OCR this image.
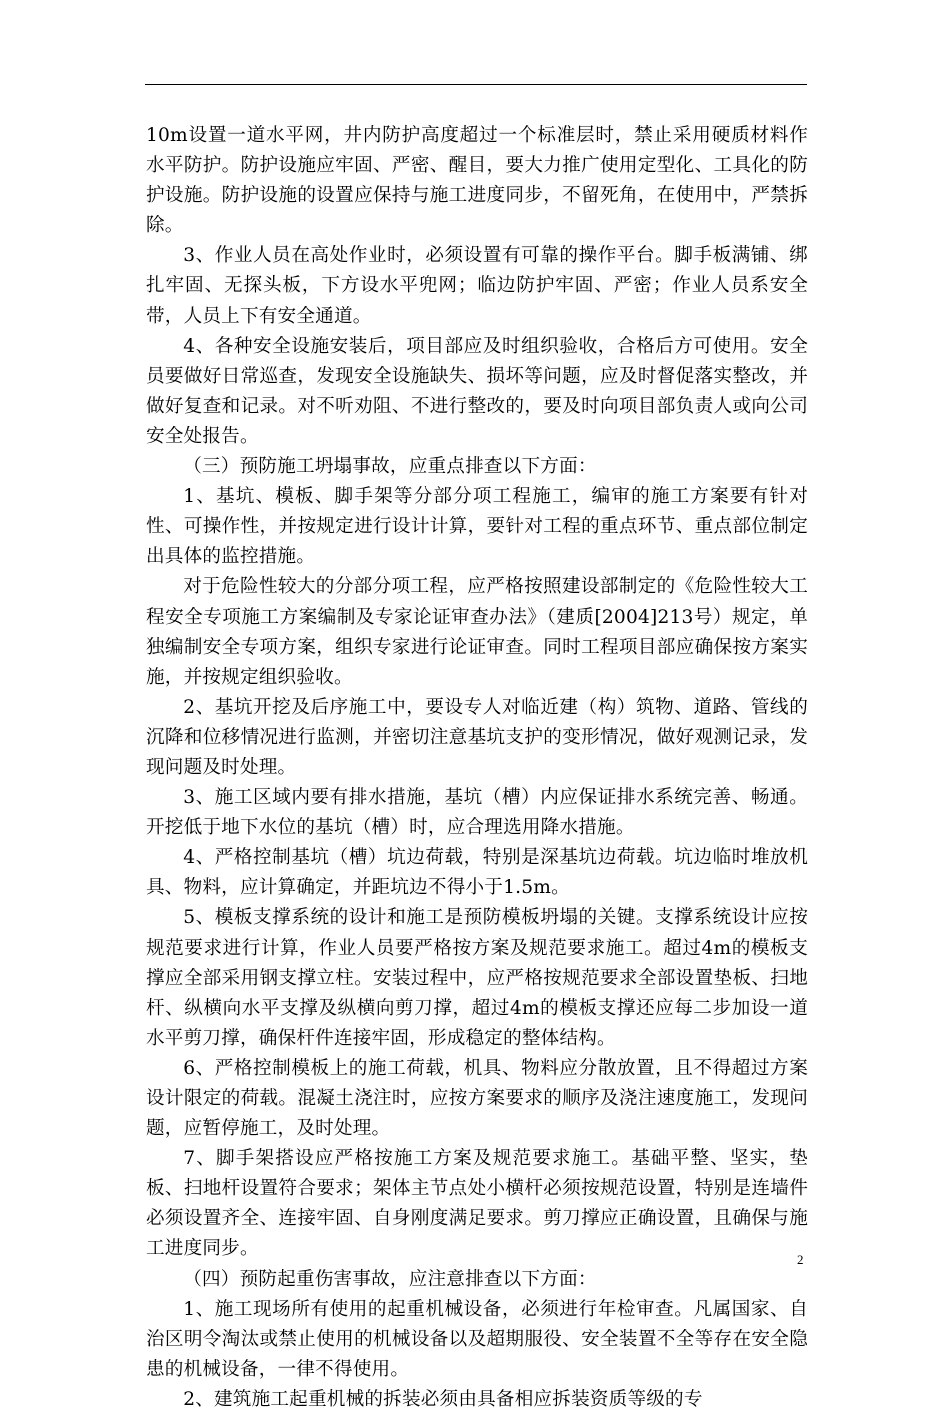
10m设置一道水平网，井内防护高度超过一个标准层时，禁止采用硬质材料作水平防护。防护设施应牢固、严密、醒目，要大力推广使用定型化、工具化的防护设施。防护设施的设置应保持与施工进度同步，不留死角，在使用中，严禁拆除。

3、作业人员在高处作业时，必须设置有可靠的操作平台。脚手板满铺、绑扎牢固、无探头板，下方设水平兜网；临边防护牢固、严密；作业人员系安全带，人员上下有安全通道。

4、各种安全设施安装后，项目部应及时组织验收，合格后方可使用。安全员要做好日常巡查，发现安全设施缺失、损坏等问题，应及时督促落实整改，并做好复查和记录。对不听劝阻、不进行整改的，要及时向项目部负责人或向公司安全处报告。

（三）预防施工坍塌事故，应重点排查以下方面：

1、基坑、模板、脚手架等分部分项工程施工，编审的施工方案要有针对性、可操作性，并按规定进行设计计算，要针对工程的重点环节、重点部位制定出具体的监控措施。

对于危险性较大的分部分项工程，应严格按照建设部制定的《危险性较大工程安全专项施工方案编制及专家论证审查办法》（建质[2004]213号）规定，单独编制安全专项方案，组织专家进行论证审查。同时工程项目部应确保按方案实施，并按规定组织验收。

2、基坑开挖及后序施工中，要设专人对临近建（构）筑物、道路、管线的沉降和位移情况进行监测，并密切注意基坑支护的变形情况，做好观测记录，发现问题及时处理。

3、施工区域内要有排水措施，基坑（槽）内应保证排水系统完善、畅通。开挖低于地下水位的基坑（槽）时，应合理选用降水措施。

4、严格控制基坑（槽）坑边荷载，特别是深基坑边荷载。坑边临时堆放机具、物料，应计算确定，并距坑边不得小于1.5m。

5、模板支撑系统的设计和施工是预防模板坍塌的关键。支撑系统设计应按规范要求进行计算，作业人员要严格按方案及规范要求施工。超过4m的模板支撑应全部采用钢支撑立柱。安装过程中，应严格按规范要求全部设置垫板、扫地杆、纵横向水平支撑及纵横向剪刀撑，超过4m的模板支撑还应每二步加设一道水平剪刀撑，确保杆件连接牢固，形成稳定的整体结构。

6、严格控制模板上的施工荷载，机具、物料应分散放置，且不得超过方案设计限定的荷载。混凝土浇注时，应按方案要求的顺序及浇注速度施工，发现问题，应暂停施工，及时处理。

7、脚手架搭设应严格按施工方案及规范要求施工。基础平整、坚实，垫板、扫地杆设置符合要求；架体主节点处小横杆必须按规范设置，特别是连墙件必须设置齐全、连接牢固、自身刚度满足要求。剪刀撑应正确设置，且确保与施工进度同步。

（四）预防起重伤害事故，应注意排查以下方面：

1、施工现场所有使用的起重机械设备，必须进行年检审查。凡属国家、自治区明令淘汰或禁止使用的机械设备以及超期服役、安全装置不全等存在安全隐患的机械设备，一律不得使用。

2、建筑施工起重机械的拆装必须由具备相应拆装资质等级的专

2
